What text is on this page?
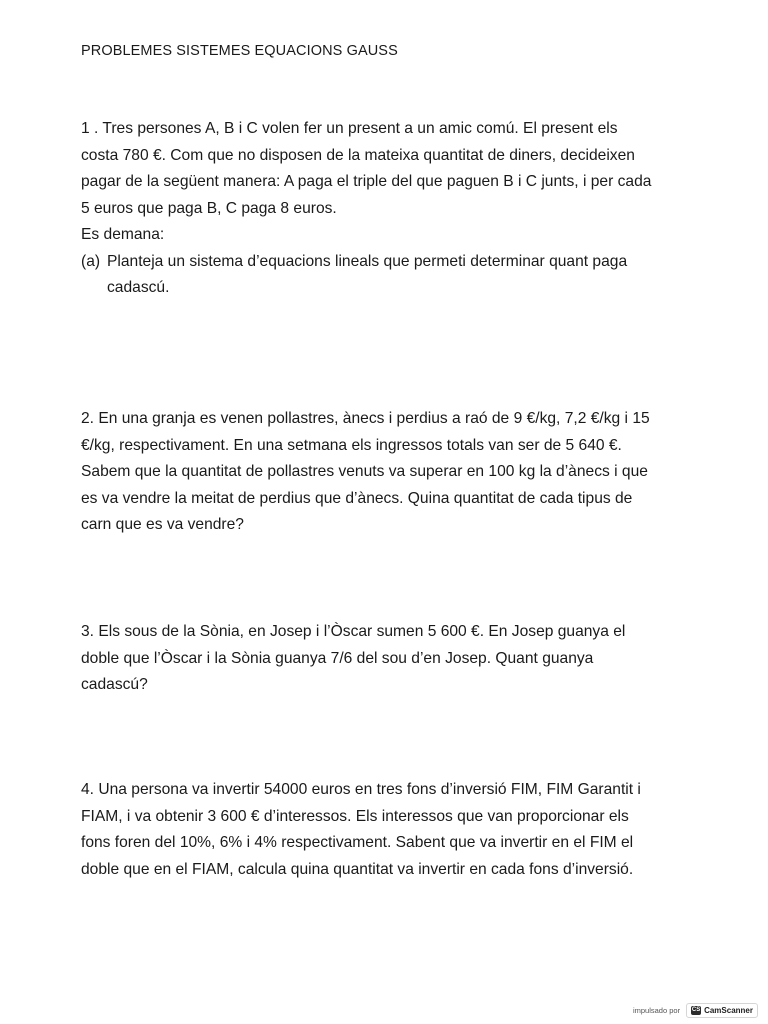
PROBLEMES SISTEMES EQUACIONS GAUSS

1 . Tres persones A, B i C volen fer un present a un amic comú. El present els

costa 780 €. Com que no disposen de la mateixa quantitat de diners, decideixen

pagar de la següent manera: A paga el triple del que paguen B i C junts, i per cada

5 euros que paga B, C paga 8 euros.

Es demana:

(a) Planteja un sistema d’equacions lineals que permeti determinar quant paga

cadascú.

2. En una granja es venen pollastres, ànecs i perdius a raó de 9 €/kg, 7,2 €/kg i 15

€/kg, respectivament. En una setmana els ingressos totals van ser de 5 640 €.

Sabem que la quantitat de pollastres venuts va superar en 100 kg la d’ànecs i que

es va vendre la meitat de perdius que d’ànecs. Quina quantitat de cada tipus de

carn que es va vendre?

3. Els sous de la Sònia, en Josep i l’Òscar sumen 5 600 €. En Josep guanya el

doble que l’Òscar i la Sònia guanya 7/6 del sou d’en Josep. Quant guanya

cadascú?

4. Una persona va invertir 54000 euros en tres fons d’inversió FIM, FIM Garantit i

FIAM, i va obtenir 3 600 € d’interessos. Els interessos que van proporcionar els

fons foren del 10%, 6% i 4% respectivament. Sabent que va invertir en el FIM el

doble que en el FIAM, calcula quina quantitat va invertir en cada fons d’inversió.

impulsado por CS CamScanner
